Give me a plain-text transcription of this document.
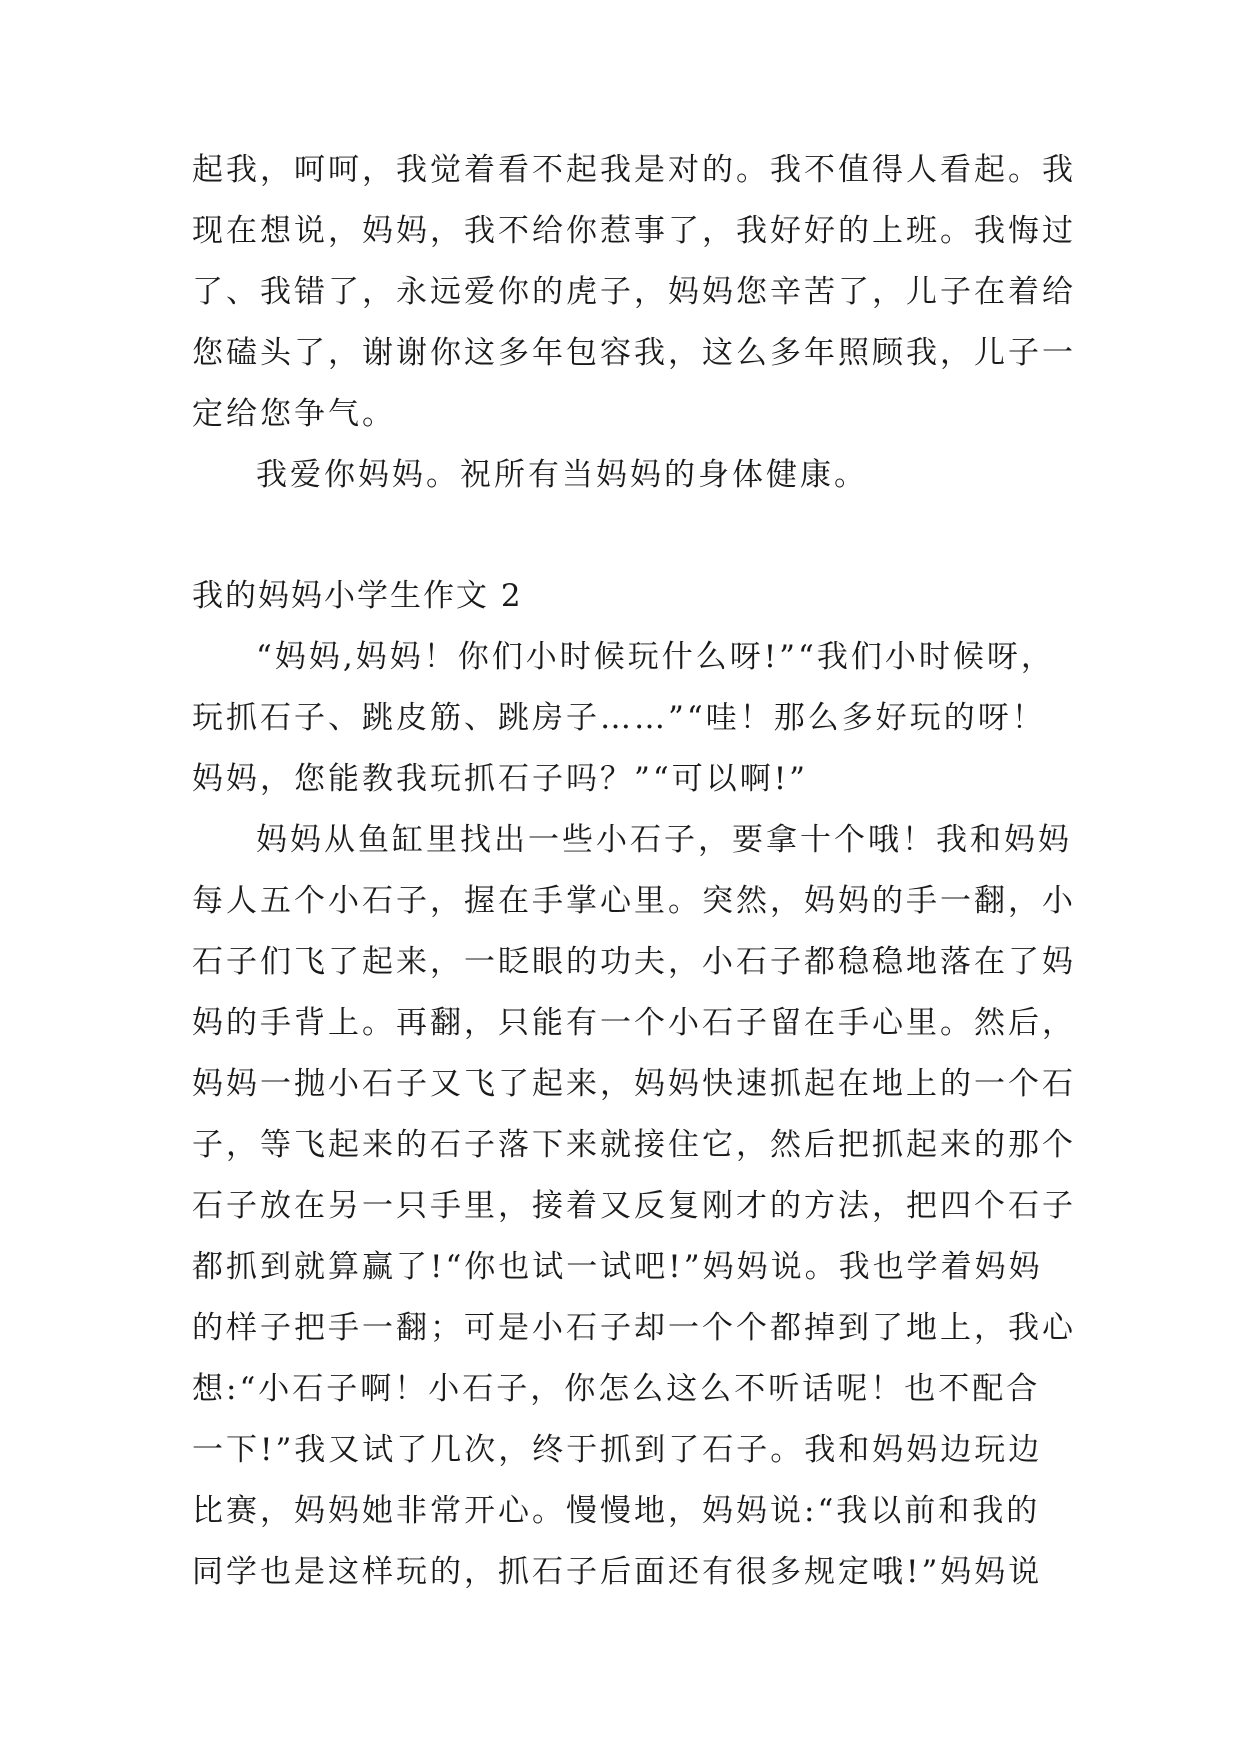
起我，呵呵，我觉着看不起我是对的。我不值得人看起。我
现在想说，妈妈，我不给你惹事了，我好好的上班。我悔过
了、我错了，永远爱你的虎子，妈妈您辛苦了，儿子在着给
您磕头了，谢谢你这多年包容我，这么多年照顾我，儿子一
定给您争气。
我爱你妈妈。祝所有当妈妈的身体健康。
我的妈妈小学生作文 2
“妈妈,妈妈！你们小时候玩什么呀!”“我们小时候呀，
玩抓石子、跳皮筋、跳房子……”“哇！那么多好玩的呀！
妈妈，您能教我玩抓石子吗？”“可以啊!”
妈妈从鱼缸里找出一些小石子，要拿十个哦！我和妈妈
每人五个小石子，握在手掌心里。突然，妈妈的手一翻，小
石子们飞了起来，一眨眼的功夫，小石子都稳稳地落在了妈
妈的手背上。再翻，只能有一个小石子留在手心里。然后，
妈妈一抛小石子又飞了起来，妈妈快速抓起在地上的一个石
子，等飞起来的石子落下来就接住它，然后把抓起来的那个
石子放在另一只手里，接着又反复刚才的方法，把四个石子
都抓到就算赢了!“你也试一试吧!”妈妈说。我也学着妈妈
的样子把手一翻；可是小石子却一个个都掉到了地上，我心
想:“小石子啊！小石子，你怎么这么不听话呢！也不配合
一下!”我又试了几次，终于抓到了石子。我和妈妈边玩边
比赛，妈妈她非常开心。慢慢地，妈妈说:“我以前和我的
同学也是这样玩的，抓石子后面还有很多规定哦!”妈妈说
